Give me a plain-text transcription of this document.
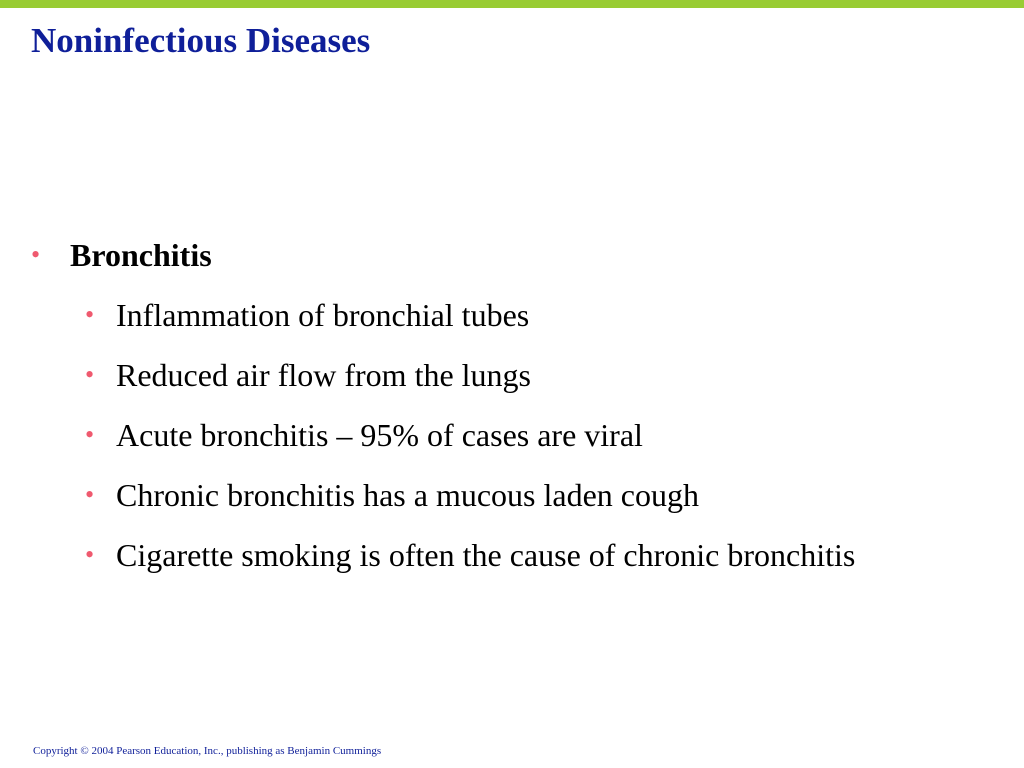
Noninfectious Diseases
• Bronchitis
• Inflammation of bronchial tubes
• Reduced air flow from the lungs
• Acute bronchitis – 95% of cases are viral
• Chronic bronchitis has a mucous laden cough
• Cigarette smoking is often the cause of chronic bronchitis
Copyright © 2004 Pearson Education, Inc., publishing as Benjamin Cummings
